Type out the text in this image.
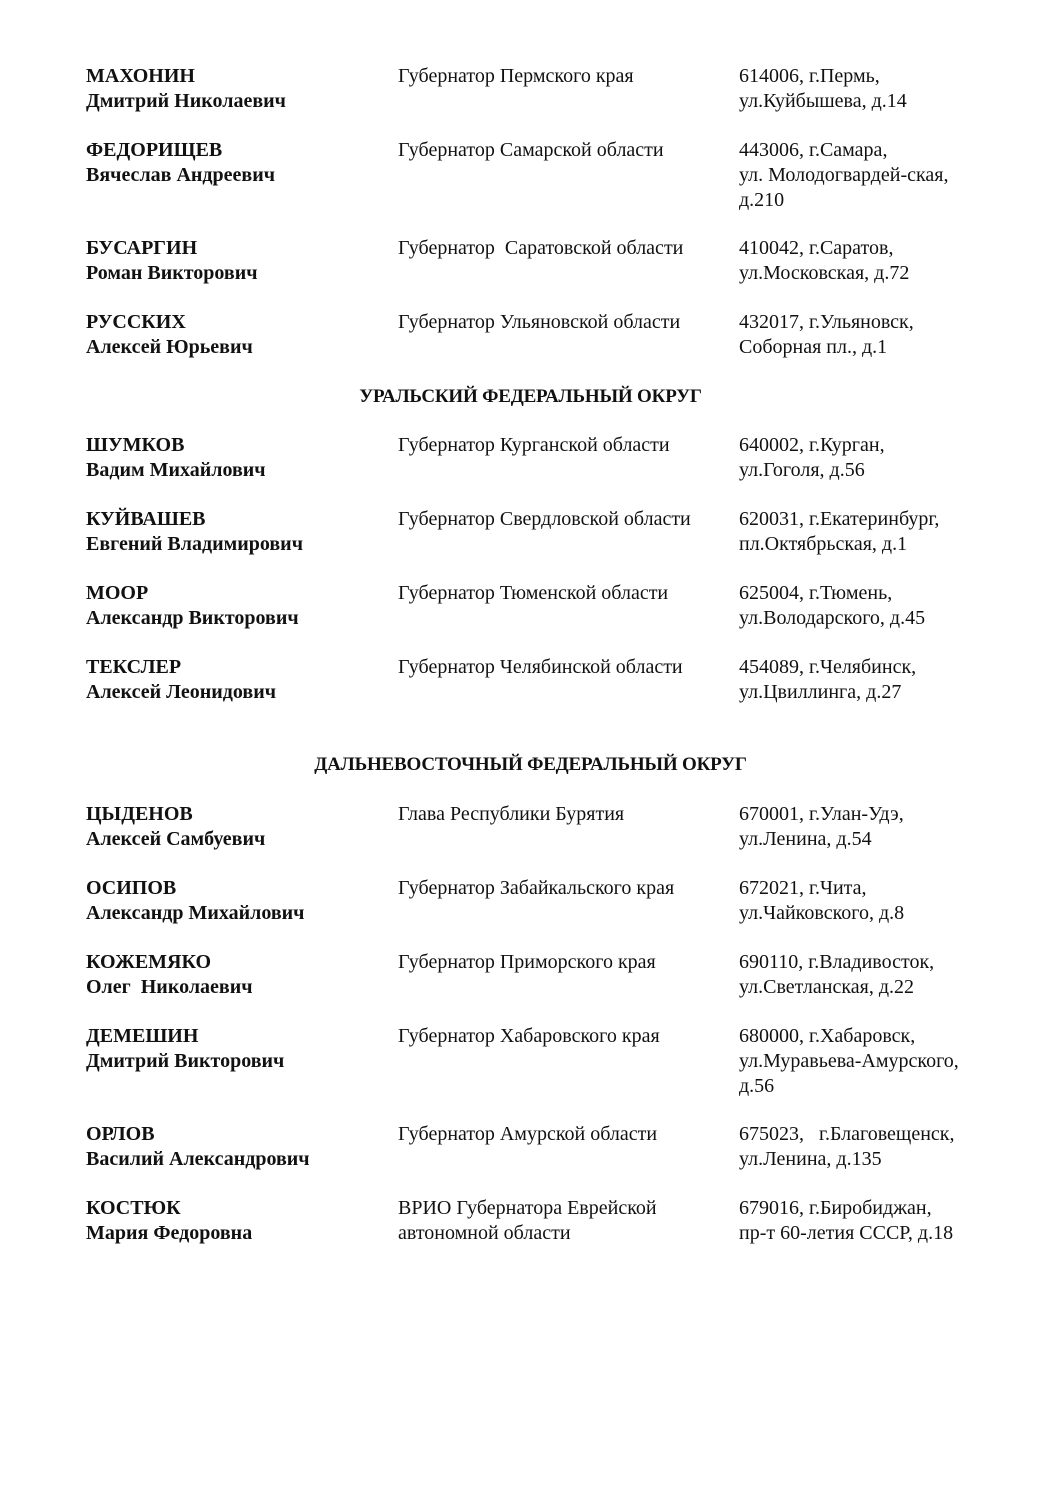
МАХОНИН
Дмитрий Николаевич
Губернатор Пермского края	614006, г.Пермь,
ул.Куйбышева, д.14
ФЕДОРИЩЕВ
Вячеслав Андреевич
Губернатор Самарской области	443006, г.Самара,
ул. Молодогвардей-ская,
д.210
БУСАРГИН
Роман Викторович
Губернатор  Саратовской области	410042, г.Саратов,
ул.Московская, д.72
РУССКИХ
Алексей Юрьевич
Губернатор Ульяновской области	432017, г.Ульяновск,
Соборная пл., д.1
УРАЛЬСКИЙ ФЕДЕРАЛЬНЫЙ ОКРУГ
ШУМКОВ
Вадим Михайлович
Губернатор Курганской области	640002, г.Курган,
ул.Гоголя, д.56
КУЙВАШЕВ
Евгений Владимирович
Губернатор Свердловской области	620031, г.Екатеринбург,
пл.Октябрьская, д.1
МООР
Александр Викторович
Губернатор Тюменской области	625004, г.Тюмень,
ул.Володарского, д.45
ТЕКСЛЕР
Алексей Леонидович
Губернатор Челябинской области	454089, г.Челябинск,
ул.Цвиллинга, д.27
ДАЛЬНЕВОСТОЧНЫЙ ФЕДЕРАЛЬНЫЙ ОКРУГ
ЦЫДЕНОВ
Алексей Самбуевич
Глава Республики Бурятия	670001, г.Улан-Удэ,
ул.Ленина, д.54
ОСИПОВ
Александр Михайлович
Губернатор Забайкальского края	672021, г.Чита,
ул.Чайковского, д.8
КОЖЕМЯКО
Олег  Николаевич
Губернатор Приморского края	690110, г.Владивосток,
ул.Светланская, д.22
ДЕМЕШИН
Дмитрий Викторович
Губернатор Хабаровского края	680000, г.Хабаровск,
ул.Муравьева-Амурского,
д.56
ОРЛОВ
Василий Александрович
Губернатор Амурской области	675023,   г.Благовещенск,
ул.Ленина, д.135
КОСТЮК
Мария Федоровна
ВРИО Губернатора Еврейской
автономной области
679016, г.Биробиджан,
пр-т 60-летия СССР, д.18
